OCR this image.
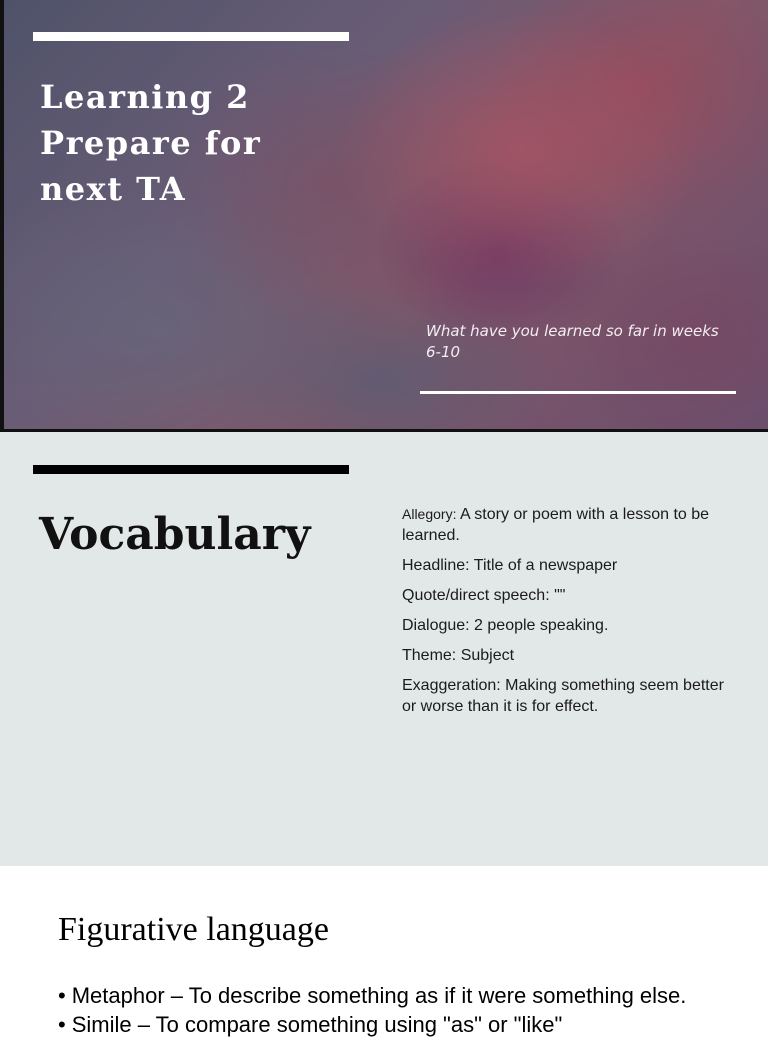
Learning 2
Prepare for
next TA

What have you learned so far in weeks 6-10

Vocabulary	Allegory: A story or poem with a lesson to be learned.
Headline: Title of a newspaper
Quote/direct speech: ""
Dialogue: 2 people speaking.
Theme: Subject
Exaggeration: Making something seem better or worse than it is for effect.
Figurative language
• Metaphor – To describe something as if it were something else.
• Simile – To compare something using "as" or "like"
